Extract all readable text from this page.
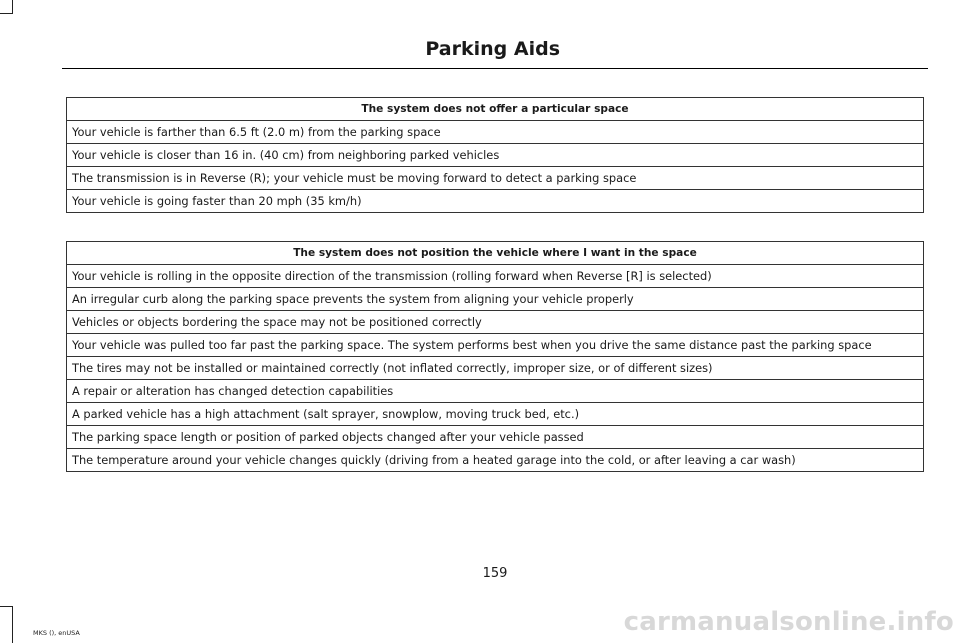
Parking Aids
The system does not offer a particular space
Your vehicle is farther than 6.5 ft (2.0 m) from the parking space
Your vehicle is closer than 16 in. (40 cm) from neighboring parked vehicles
The transmission is in Reverse (R); your vehicle must be moving forward to detect a parking space
Your vehicle is going faster than 20 mph (35 km/h)
The system does not position the vehicle where I want in the space
Your vehicle is rolling in the opposite direction of the transmission (rolling forward when Reverse [R] is selected)
An irregular curb along the parking space prevents the system from aligning your vehicle properly
Vehicles or objects bordering the space may not be positioned correctly
Your vehicle was pulled too far past the parking space. The system performs best when you drive the same distance past the parking space
The tires may not be installed or maintained correctly (not inflated correctly, improper size, or of different sizes)
A repair or alteration has changed detection capabilities
A parked vehicle has a high attachment (salt sprayer, snowplow, moving truck bed, etc.)
The parking space length or position of parked objects changed after your vehicle passed
The temperature around your vehicle changes quickly (driving from a heated garage into the cold, or after leaving a car wash)
159
MKS (), enUSA	carmanualsonline.info
